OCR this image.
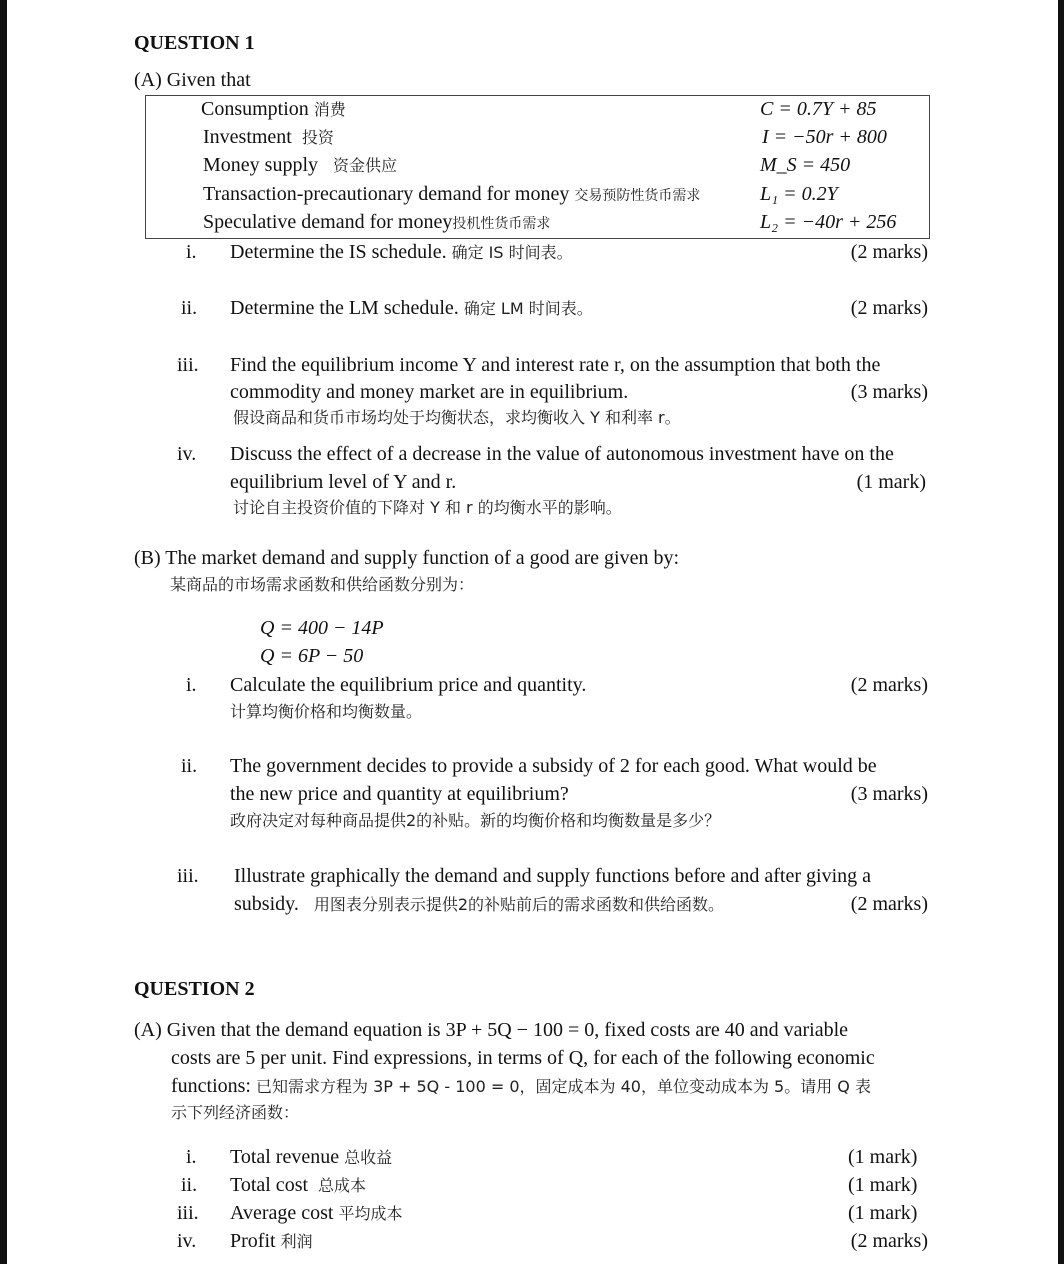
QUESTION 1
(A) Given that
Consumption 消费	C = 0.7Y + 85
Investment 投资	I = −50r + 800
Money supply 资金供应	M_S = 450
Transaction-precautionary demand for money 交易预防性货币需求	L₁ = 0.2Y
Speculative demand for money投机性货币需求	L₂ = −40r + 256
i. Determine the IS schedule. 确定 IS 时间表。	(2 marks)
ii. Determine the LM schedule. 确定 LM 时间表。	(2 marks)
iii. Find the equilibrium income Y and interest rate r, on the assumption that both the
commodity and money market are in equilibrium.	(3 marks)
假设商品和货币市场均处于均衡状态，求均衡收入 Y 和利率 r。
iv. Discuss the effect of a decrease in the value of autonomous investment have on the
equilibrium level of Y and r.	(1 mark)
讨论自主投资价值的下降对 Y 和 r 的均衡水平的影响。
(B) The market demand and supply function of a good are given by:
某商品的市场需求函数和供给函数分别为：
Q = 400 − 14P
Q = 6P − 50
i. Calculate the equilibrium price and quantity.	(2 marks)
计算均衡价格和均衡数量。
ii. The government decides to provide a subsidy of 2 for each good. What would be
the new price and quantity at equilibrium?	(3 marks)
政府决定对每种商品提供2的补贴。新的均衡价格和均衡数量是多少？
iii. Illustrate graphically the demand and supply functions before and after giving a
subsidy. 用图表分别表示提供2的补贴前后的需求函数和供给函数。	(2 marks)
QUESTION 2
(A) Given that the demand equation is 3P + 5Q − 100 = 0, fixed costs are 40 and variable
costs are 5 per unit. Find expressions, in terms of Q, for each of the following economic
functions: 已知需求方程为 3P + 5Q - 100 = 0，固定成本为 40，单位变动成本为 5。请用 Q 表
示下列经济函数：
i. Total revenue 总收益	(1 mark)
ii. Total cost 总成本	(1 mark)
iii. Average cost 平均成本	(1 mark)
iv. Profit 利润	(2 marks)
